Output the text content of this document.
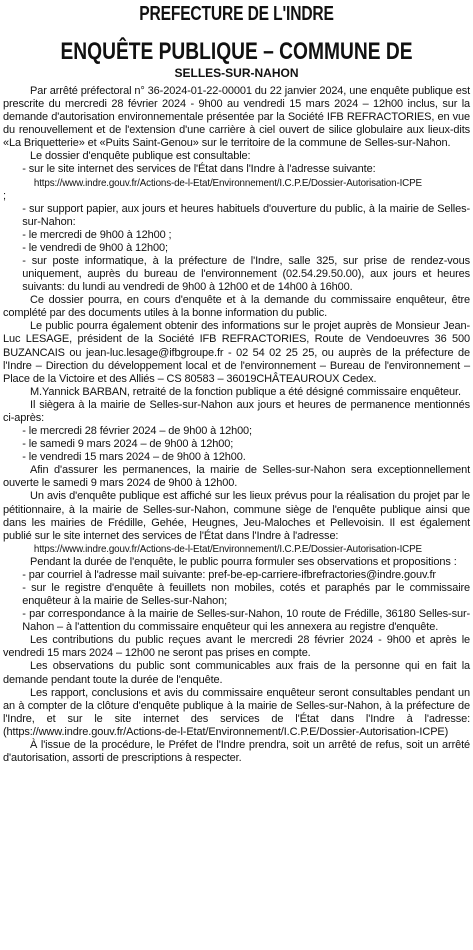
PREFECTURE DE L'INDRE
ENQUÊTE PUBLIQUE – COMMUNE DE
SELLES-SUR-NAHON

Par arrêté préfectoral n° 36-2024-01-22-00001 du 22 janvier 2024, une enquête publique est prescrite du mercredi 28 février 2024 - 9h00 au vendredi 15 mars 2024 – 12h00 inclus, sur la demande d'autorisation environnementale présentée par la Société IFB REFRACTORIES, en vue du renouvellement et de l'extension d'une carrière à ciel ouvert de silice globulaire aux lieux-dits «La Briquetterie» et «Puits Saint-Genou» sur le territoire de la commune de Selles-sur-Nahon.

Le dossier d'enquête publique est consultable:

- sur le site internet des services de l'État dans l'Indre à l'adresse suivante:

https://www.indre.gouv.fr/Actions-de-l-Etat/Environnement/I.C.P.E/Dossier-Autorisation-ICPE

;

- sur support papier, aux jours et heures habituels d'ouverture du public, à la mairie de Selles-sur-Nahon:

- le mercredi de 9h00 à 12h00 ;

- le vendredi de 9h00 à 12h00;

- sur poste informatique, à la préfecture de l'Indre, salle 325, sur prise de rendez-vous uniquement, auprès du bureau de l'environnement (02.54.29.50.00), aux jours et heures suivants: du lundi au vendredi de 9h00 à 12h00 et de 14h00 à 16h00.

Ce dossier pourra, en cours d'enquête et à la demande du commissaire enquêteur, être complété par des documents utiles à la bonne information du public.

Le public pourra également obtenir des informations sur le projet auprès de Monsieur Jean-Luc LESAGE, président de la Société IFB REFRACTORIES, Route de Vendoeuvres 36 500 BUZANCAIS ou jean-luc.lesage@ifbgroupe.fr - 02 54 02 25 25, ou auprès de la préfecture de l'Indre – Direction du développement local et de l'environnement – Bureau de l'environnement – Place de la Victoire et des Alliés – CS 80583 – 36019CHÂTEAUROUX Cedex.

M.Yannick BARBAN, retraité de la fonction publique a été désigné commissaire enquêteur.

Il siègera à la mairie de Selles-sur-Nahon aux jours et heures de permanence mentionnés ci-après:

- le mercredi 28 février 2024 – de 9h00 à 12h00;

- le samedi 9 mars 2024 – de 9h00 à 12h00;

- le vendredi 15 mars 2024 – de 9h00 à 12h00.

Afin d'assurer les permanences, la mairie de Selles-sur-Nahon sera exceptionnellement ouverte le samedi 9 mars 2024 de 9h00 à 12h00.

Un avis d'enquête publique est affiché sur les lieux prévus pour la réalisation du projet par le pétitionnaire, à la mairie de Selles-sur-Nahon, commune siège de l'enquête publique ainsi que dans les mairies de Frédille, Gehée, Heugnes, Jeu-Maloches et Pellevoisin. Il est également publié sur le site internet des services de l'État dans l'Indre à l'adresse:

https://www.indre.gouv.fr/Actions-de-l-Etat/Environnement/I.C.P.E/Dossier-Autorisation-ICPE

Pendant la durée de l'enquête, le public pourra formuler ses observations et propositions :

- par courriel à l'adresse mail suivante: pref-be-ep-carriere-ifbrefractories@indre.gouv.fr

- sur le registre d'enquête à feuillets non mobiles, cotés et paraphés par le commissaire enquêteur à la mairie de Selles-sur-Nahon;

- par correspondance à la mairie de Selles-sur-Nahon, 10 route de Frédille, 36180 Selles-sur-Nahon – à l'attention du commissaire enquêteur qui les annexera au registre d'enquête.

Les contributions du public reçues avant le mercredi 28 février 2024 - 9h00 et après le vendredi 15 mars 2024 – 12h00 ne seront pas prises en compte.

Les observations du public sont communicables aux frais de la personne qui en fait la demande pendant toute la durée de l'enquête.

Les rapport, conclusions et avis du commissaire enquêteur seront consultables pendant un an à compter de la clôture d'enquête publique à la mairie de Selles-sur-Nahon, à la préfecture de l'Indre, et sur le site internet des services de l'État dans l'Indre à l'adresse: (https://www.indre.gouv.fr/Actions-de-l-Etat/Environnement/I.C.P.E/Dossier-Autorisation-ICPE)

À l'issue de la procédure, le Préfet de l'Indre prendra, soit un arrêté de refus, soit un arrêté d'autorisation, assorti de prescriptions à respecter.
